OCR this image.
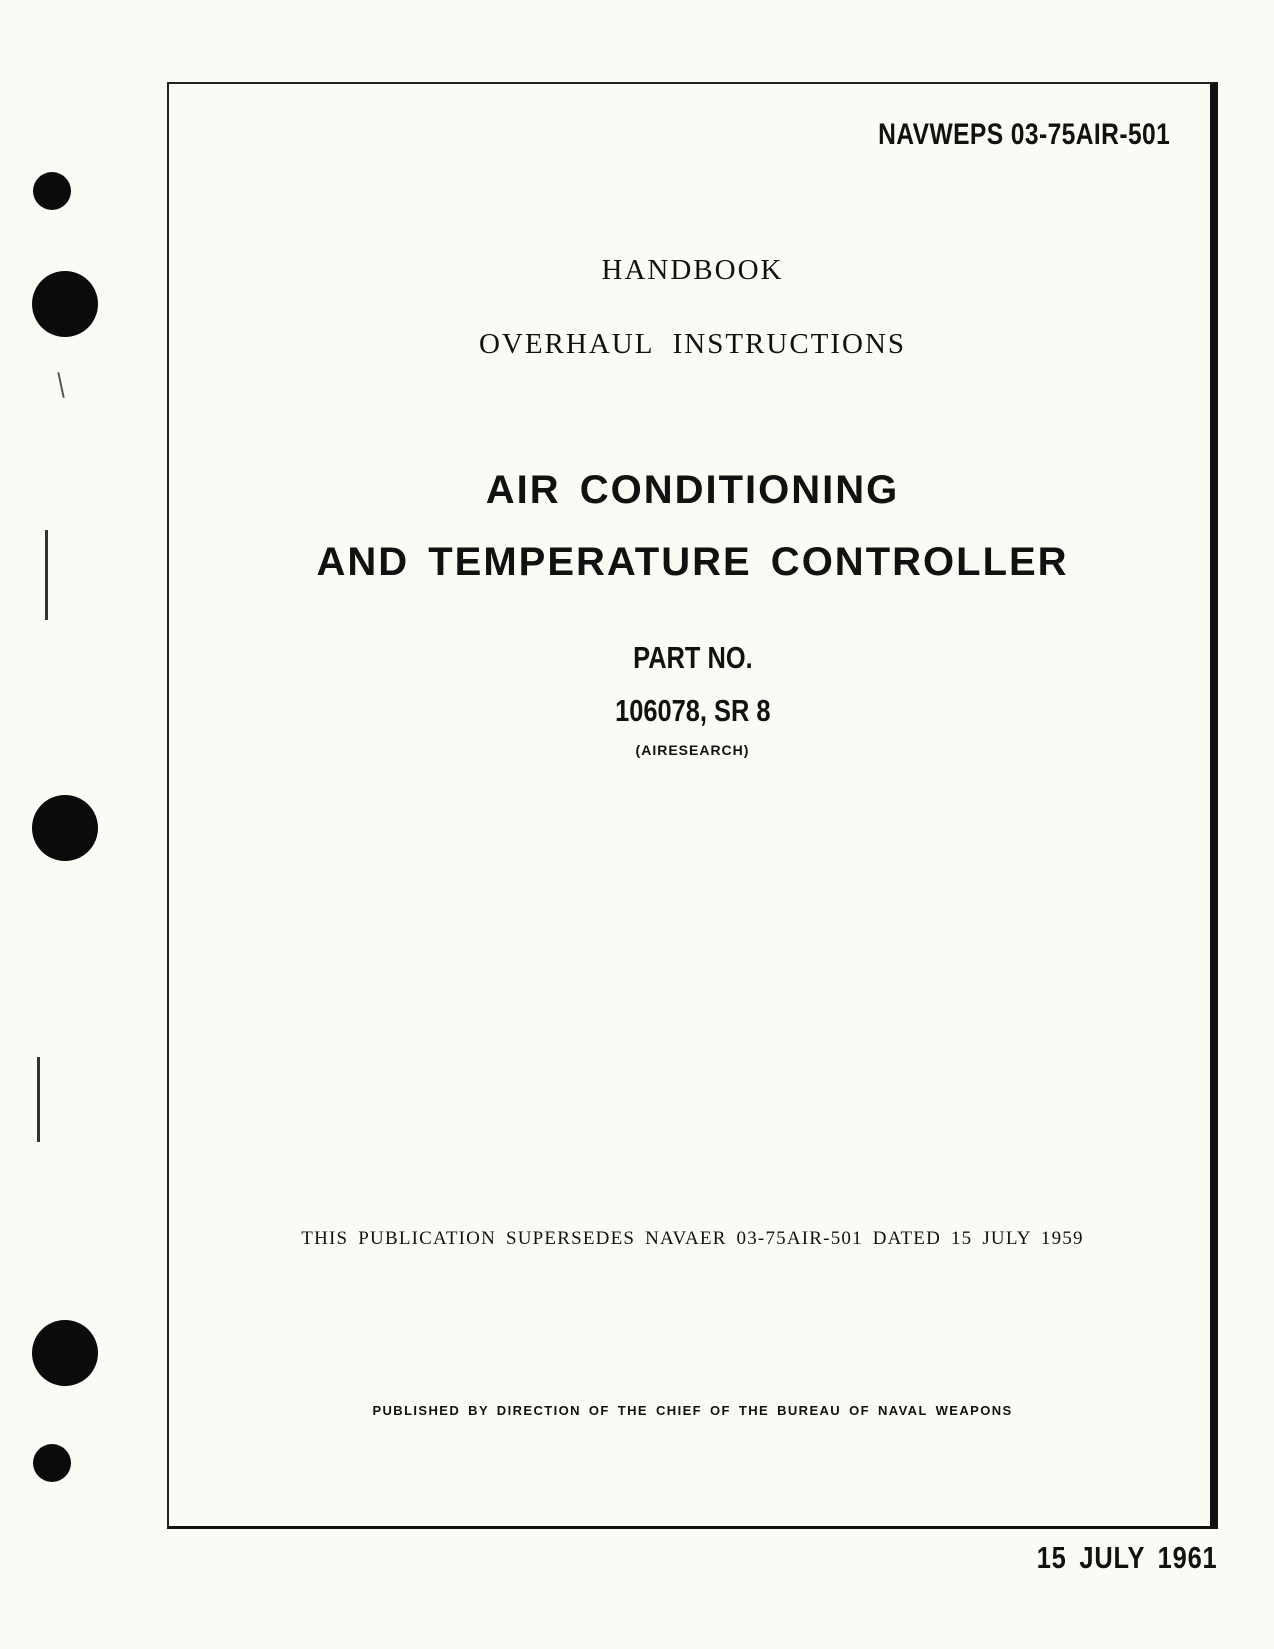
NAVWEPS 03-75AIR-501

HANDBOOK

OVERHAUL INSTRUCTIONS

AIR CONDITIONING

AND TEMPERATURE CONTROLLER

PART NO.

106078, SR 8

(AIRESEARCH)

THIS PUBLICATION SUPERSEDES NAVAER 03-75AIR-501 DATED 15 JULY 1959

PUBLISHED BY DIRECTION OF THE CHIEF OF THE BUREAU OF NAVAL WEAPONS

15 JULY 1961
